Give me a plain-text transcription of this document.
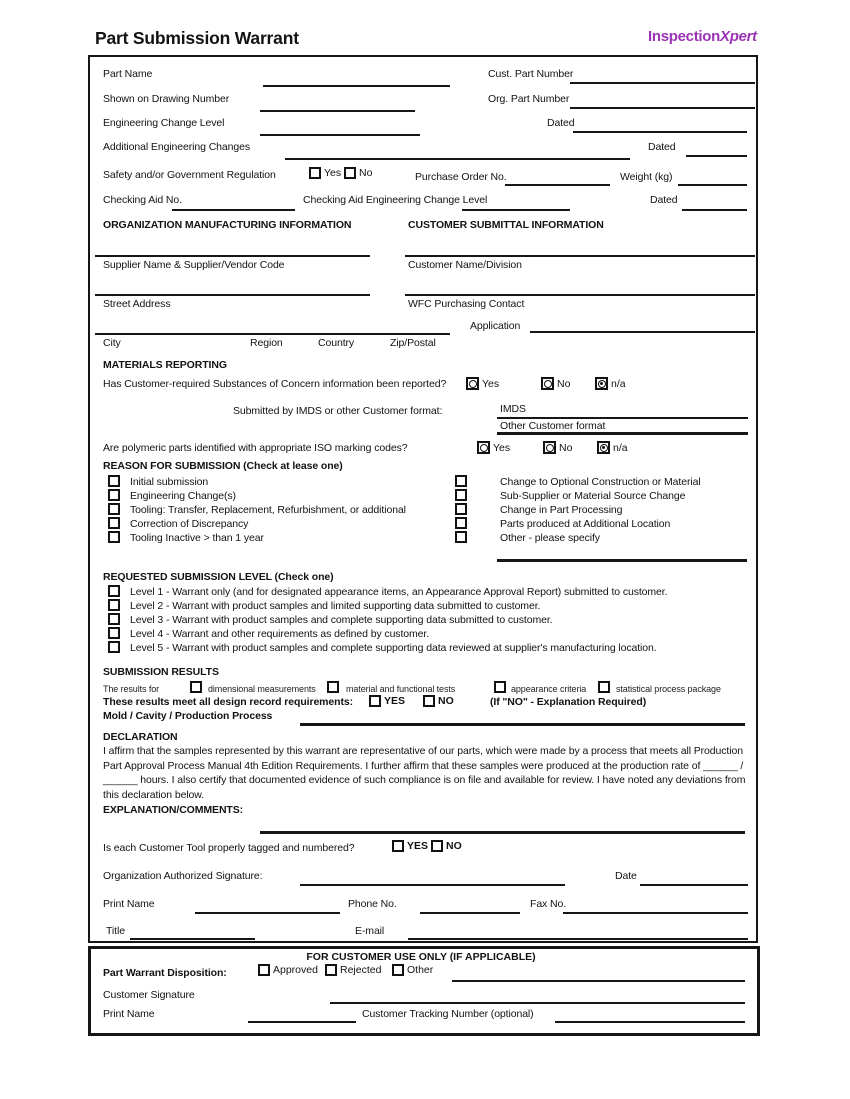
Part Submission Warrant	InspectionXpert
Part Name	Cust. Part Number
Shown on Drawing Number	Org. Part Number
Engineering Change Level	Dated
Additional Engineering Changes	Dated
Safety and/or Government Regulation	Yes No	Purchase Order No.	Weight (kg)
Checking Aid No.	Checking Aid Engineering Change Level	Dated
ORGANIZATION MANUFACTURING INFORMATION	CUSTOMER SUBMITTAL INFORMATION
Supplier Name & Supplier/Vendor Code	Customer Name/Division
Street Address	WFC Purchasing Contact
Application
City	Region	Country	Zip/Postal
MATERIALS REPORTING
Has Customer-required Substances of Concern information been reported?	Yes	No	n/a
Submitted by IMDS or other Customer format:	IMDS
Other Customer format
Are polymeric parts identified with appropriate ISO marking codes?	Yes	No	n/a
REASON FOR SUBMISSION (Check at lease one)
Initial submission
Engineering Change(s)
Tooling: Transfer, Replacement, Refurbishment, or additional
Correction of Discrepancy
Tooling Inactive > than 1 year
Change to Optional Construction or Material
Sub-Supplier or Material Source Change
Change in Part Processing
Parts produced at Additional Location
Other - please specify
REQUESTED SUBMISSION LEVEL (Check one)
Level 1 - Warrant only (and for designated appearance items, an Appearance Approval Report) submitted to customer.
Level 2 - Warrant with product samples and limited supporting data submitted to customer.
Level 3 - Warrant with product samples and complete supporting data submitted to customer.
Level 4 - Warrant and other requirements as defined by customer.
Level 5 - Warrant with product samples and complete supporting data reviewed at supplier's manufacturing location.
SUBMISSION RESULTS
The results for	dimensional measurements	material and functional tests	appearance criteria	statistical process package
These results meet all design record requirements:	YES	NO	(If "NO" - Explanation Required)
Mold / Cavity / Production Process
DECLARATION
I affirm that the samples represented by this warrant are representative of our parts, which were made by a process that meets all Production Part Approval Process Manual 4th Edition Requirements. I further affirm that these samples were produced at the production rate of ______ / ______ hours. I also certify that documented evidence of such compliance is on file and available for review. I have noted any deviations from this declaration below.
EXPLANATION/COMMENTS:
Is each Customer Tool properly tagged and numbered?	YES NO
Organization Authorized Signature:	Date
Print Name	Phone No.	Fax No.
Title	E-mail
FOR CUSTOMER USE ONLY (IF APPLICABLE)
Part Warrant Disposition:	Approved Rejected Other
Customer Signature
Print Name	Customer Tracking Number (optional)
